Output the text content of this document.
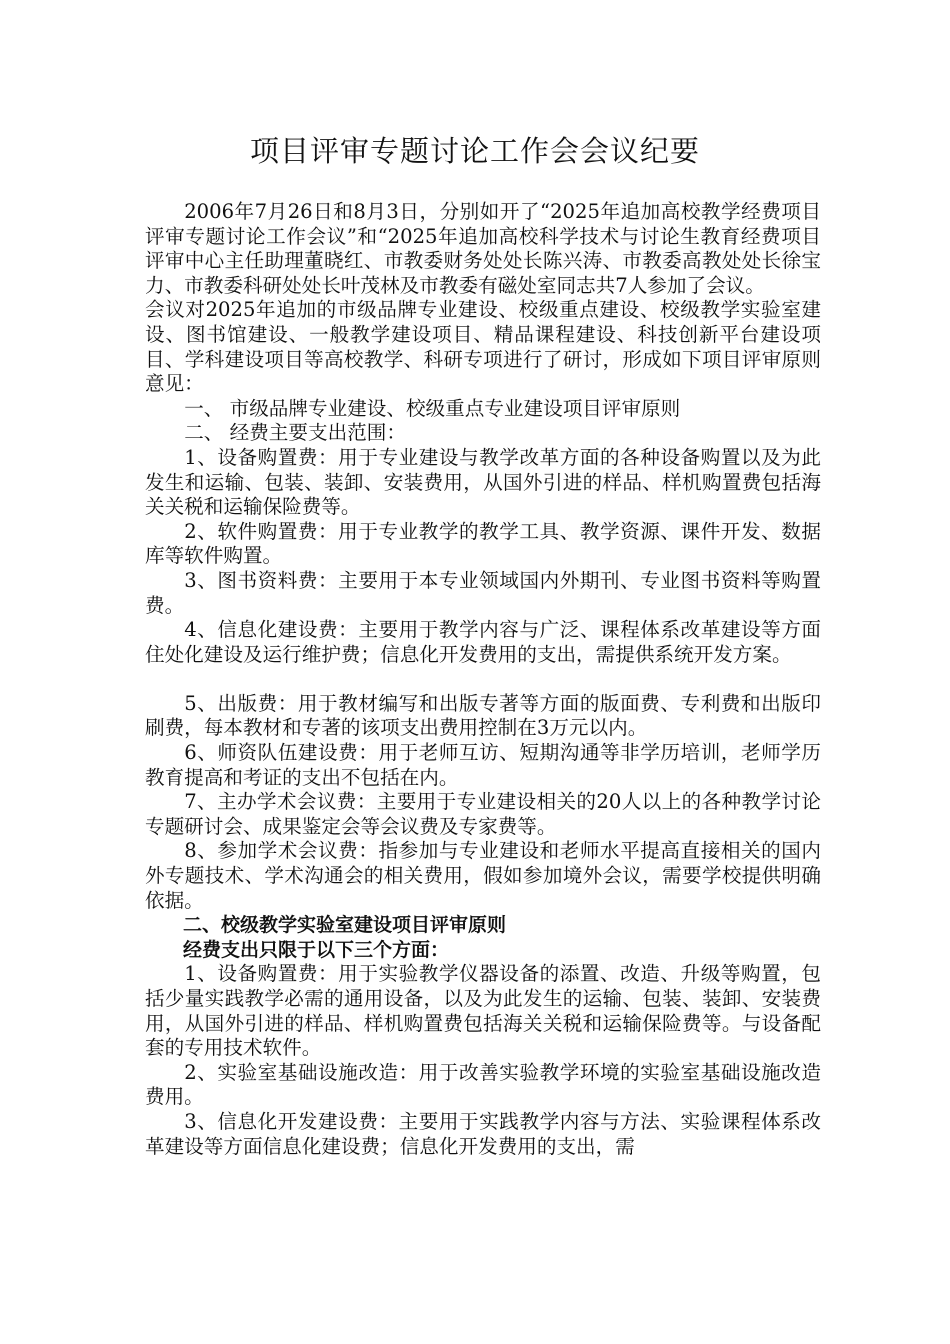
项目评审专题讨论工作会会议纪要

2006年7月26日和8月3日，分别如开了“2025年追加高校教学经费项目评审专题讨论工作会议”和“2025年追加高校科学技术与讨论生教育经费项目评审中心主任助理董晓红、市教委财务处处长陈兴涛、市教委高教处处长徐宝力、市教委科研处处长叶茂林及市教委有磁处室同志共7人参加了会议。

会议对2025年追加的市级品牌专业建设、校级重点建设、校级教学实验室建设、图书馆建设、一般教学建设项目、精品课程建设、科技创新平台建设项目、学科建设项目等高校教学、科研专项进行了研讨，形成如下项目评审原则意见：

一、 市级品牌专业建设、校级重点专业建设项目评审原则

二、 经费主要支出范围：

1、设备购置费：用于专业建设与教学改革方面的各种设备购置以及为此发生和运输、包装、装卸、安装费用，从国外引进的样品、样机购置费包括海关关税和运输保险费等。

2、软件购置费：用于专业教学的教学工具、教学资源、课件开发、数据库等软件购置。

3、图书资料费：主要用于本专业领域国内外期刊、专业图书资料等购置费。

4、信息化建设费：主要用于教学内容与广泛、课程体系改革建设等方面住处化建设及运行维护费；信息化开发费用的支出，需提供系统开发方案。

5、出版费：用于教材编写和出版专著等方面的版面费、专利费和出版印刷费，每本教材和专著的该项支出费用控制在3万元以内。

6、师资队伍建设费：用于老师互访、短期沟通等非学历培训，老师学历教育提高和考证的支出不包括在内。

7、主办学术会议费：主要用于专业建设相关的20人以上的各种教学讨论专题研讨会、成果鉴定会等会议费及专家费等。

8、参加学术会议费：指参加与专业建设和老师水平提高直接相关的国内外专题技术、学术沟通会的相关费用，假如参加境外会议，需要学校提供明确依据。

二、校级教学实验室建设项目评审原则

经费支出只限于以下三个方面：

1、设备购置费：用于实验教学仪器设备的添置、改造、升级等购置，包括少量实践教学必需的通用设备，以及为此发生的运输、包装、装卸、安装费用，从国外引进的样品、样机购置费包括海关关税和运输保险费等。与设备配套的专用技术软件。

2、实验室基础设施改造：用于改善实验教学环境的实验室基础设施改造费用。

3、信息化开发建设费：主要用于实践教学内容与方法、实验课程体系改革建设等方面信息化建设费；信息化开发费用的支出，需
